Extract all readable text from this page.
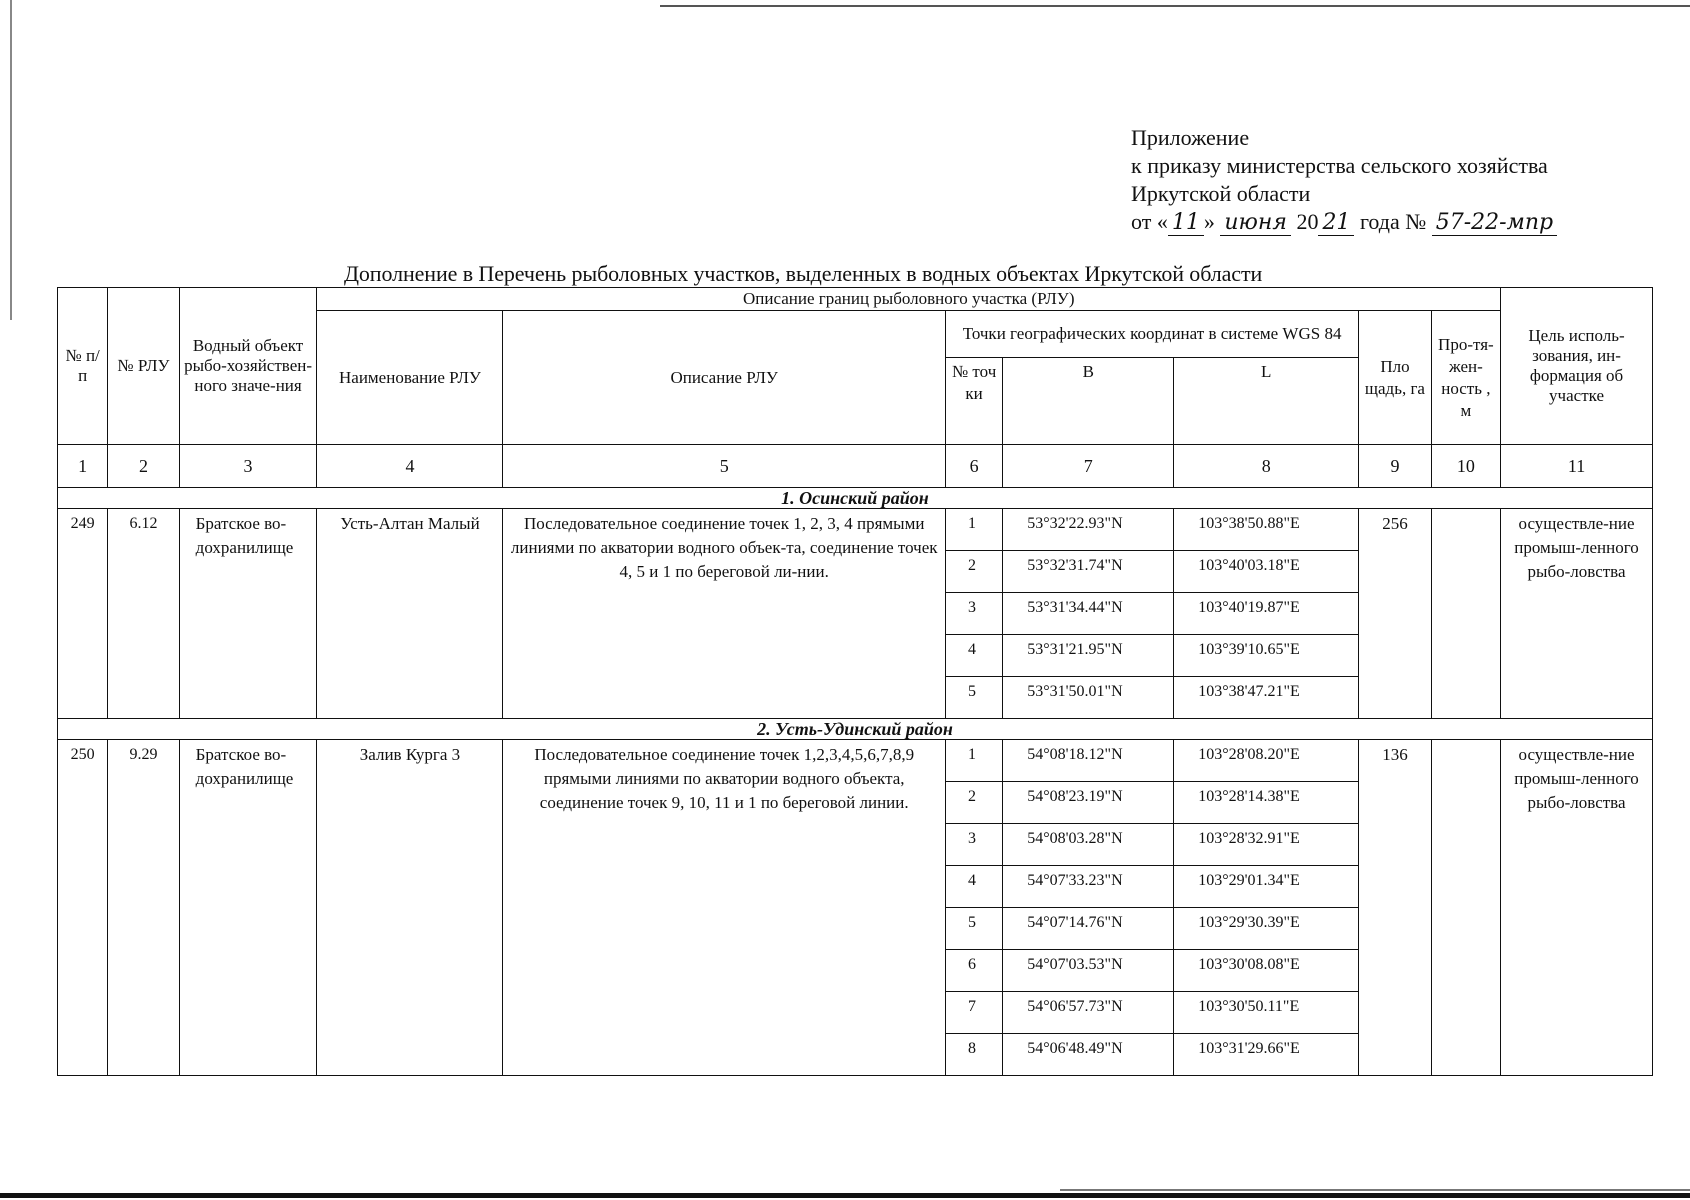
Приложение
к приказу министерства сельского хозяйства
Иркутской области
от « 11 » июня 20 21 года № 57-22-мпр
Дополнение в Перечень рыболовных участков, выделенных в водных объектах Иркутской области
№ п/п	№ РЛУ	Водный объект рыбо-хозяйствен-ного значе-ния	Описание границ рыболовного участка (РЛУ)							Цель исполь-зования, ин-формация об участке
			Наименование РЛУ	Описание РЛУ	Точки географических координат в системе WGS 84			Пло щадь, га	Про-тя-жен-ность , м	
					№ точ ки	B	L			
1	2	3	4	5	6	7	8	9	10	11
1. Осинский район										
249	6.12	Братское во-дохранилище	Усть-Алтан Малый	Последовательное соединение точек 1, 2, 3, 4 прямыми линиями по акватории водного объек-та, соединение точек 4, 5 и 1 по береговой ли-нии.	1	53°32'22.93"N	103°38'50.88"E	256		осуществле-ние промыш-ленного рыбо-ловства
					2	53°32'31.74"N	103°40'03.18"E			
					3	53°31'34.44"N	103°40'19.87"E			
					4	53°31'21.95"N	103°39'10.65"E			
					5	53°31'50.01"N	103°38'47.21"E			
2. Усть-Удинский район										
250	9.29	Братское во-дохранилище	Залив Курга 3	Последовательное соединение точек 1,2,3,4,5,6,7,8,9 прямыми линиями по акватории водного объекта, соединение точек 9, 10, 11 и 1 по береговой линии.	1	54°08'18.12"N	103°28'08.20"E	136		осуществле-ние промыш-ленного рыбо-ловства
					2	54°08'23.19"N	103°28'14.38"E			
					3	54°08'03.28"N	103°28'32.91"E			
					4	54°07'33.23"N	103°29'01.34"E			
					5	54°07'14.76"N	103°29'30.39"E			
					6	54°07'03.53"N	103°30'08.08"E			
					7	54°06'57.73"N	103°30'50.11"E			
					8	54°06'48.49"N	103°31'29.66"E			
